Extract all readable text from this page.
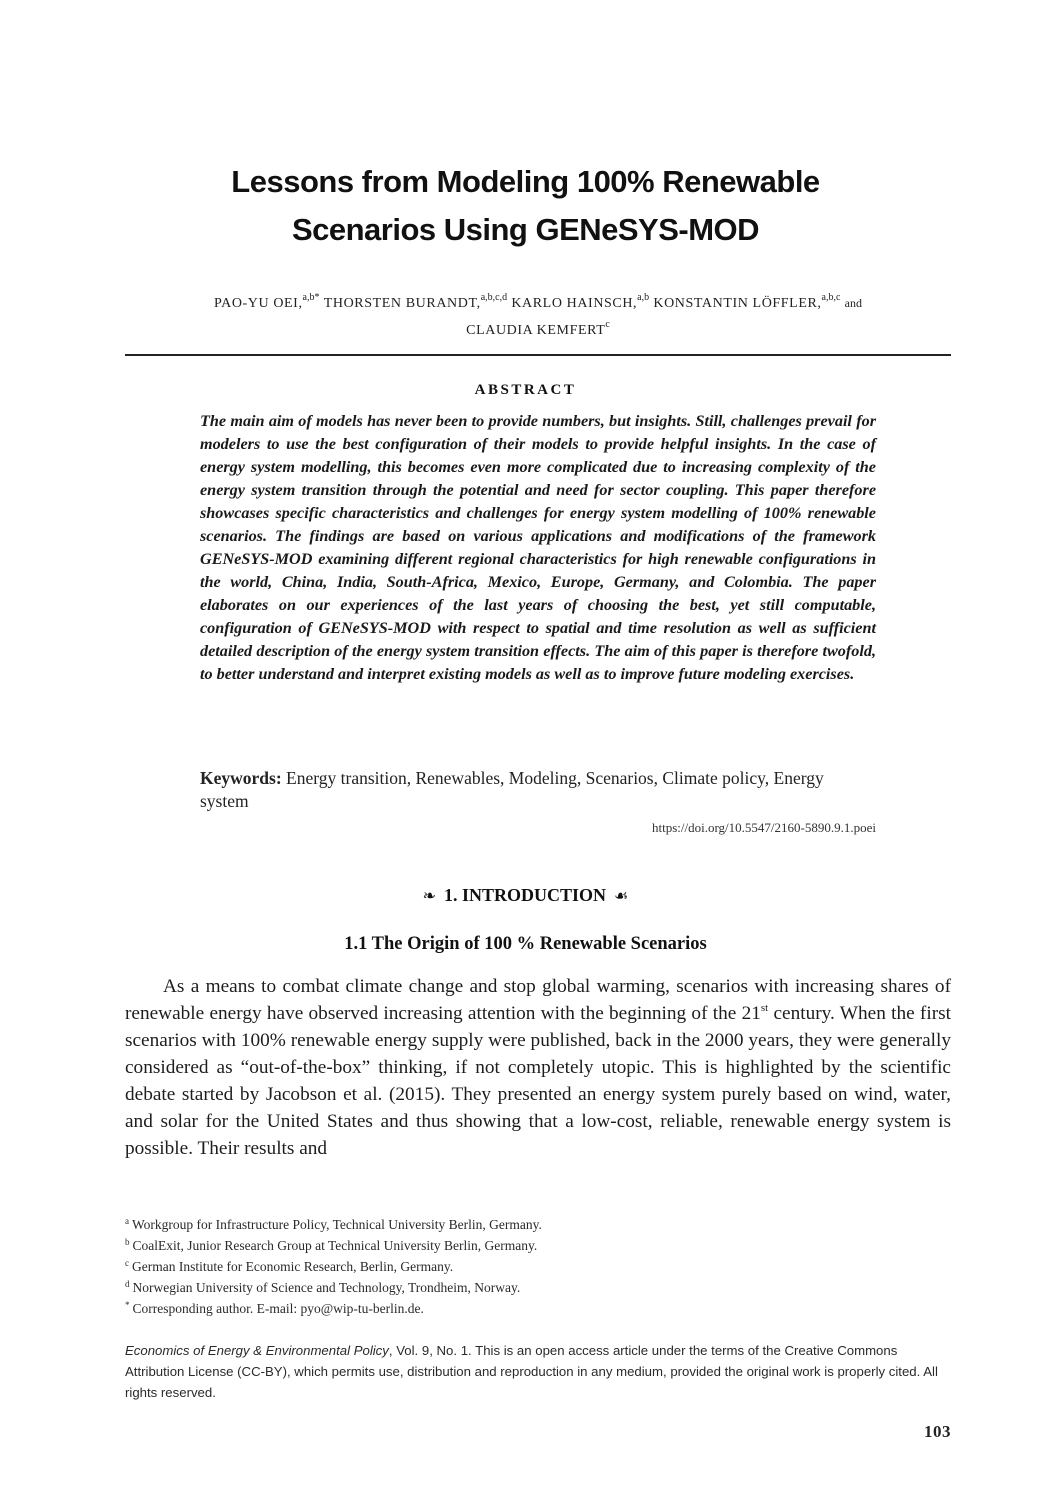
Lessons from Modeling 100% Renewable
Scenarios Using GENeSYS-MOD
PAO-YU OEI,$^{a,b*}$ THORSTEN BURANDT,$^{a,b,c,d}$ KARLO HAINSCH,$^{a,b}$ KONSTANTIN LÖFFLER,$^{a,b,c}$ and
CLAUDIA KEMFERT$^c$
ABSTRACT

The main aim of models has never been to provide numbers, but insights. Still, challenges prevail for modelers to use the best configuration of their models to provide helpful insights. In the case of energy system modelling, this becomes even more complicated due to increasing complexity of the energy system transition through the potential and need for sector coupling. This paper therefore showcases specific characteristics and challenges for energy system modelling of 100% renewable scenarios. The findings are based on various applications and modifications of the framework GENeSYS-MOD examining different regional characteristics for high renewable configurations in the world, China, India, South-Africa, Mexico, Europe, Germany, and Colombia. The paper elaborates on our experiences of the last years of choosing the best, yet still computable, configuration of GENeSYS-MOD with respect to spatial and time resolution as well as sufficient detailed description of the energy system transition effects. The aim of this paper is therefore twofold, to better understand and interpret existing models as well as to improve future modeling exercises.

Keywords: Energy transition, Renewables, Modeling, Scenarios, Climate policy, Energy system

https://doi.org/10.5547/2160-5890.9.1.poei
❧ 1. INTRODUCTION ☙
1.1 The Origin of 100 % Renewable Scenarios

As a means to combat climate change and stop global warming, scenarios with increasing shares of renewable energy have observed increasing attention with the beginning of the 21st century. When the first scenarios with 100% renewable energy supply were published, back in the 2000 years, they were generally considered as “out-of-the-box” thinking, if not completely utopic. This is highlighted by the scientific debate started by Jacobson et al. (2015). They presented an energy system purely based on wind, water, and solar for the United States and thus showing that a low-cost, reliable, renewable energy system is possible. Their results and

$^a$ Workgroup for Infrastructure Policy, Technical University Berlin, Germany.
$^b$ CoalExit, Junior Research Group at Technical University Berlin, Germany.
$^c$ German Institute for Economic Research, Berlin, Germany.
$^d$ Norwegian University of Science and Technology, Trondheim, Norway.
* Corresponding author. E-mail: pyo@wip-tu-berlin.de.

Economics of Energy & Environmental Policy, Vol. 9, No. 1. This is an open access article under the terms of the Creative Commons Attribution License (CC-BY), which permits use, distribution and reproduction in any medium, provided the original work is properly cited. All rights reserved.

103
